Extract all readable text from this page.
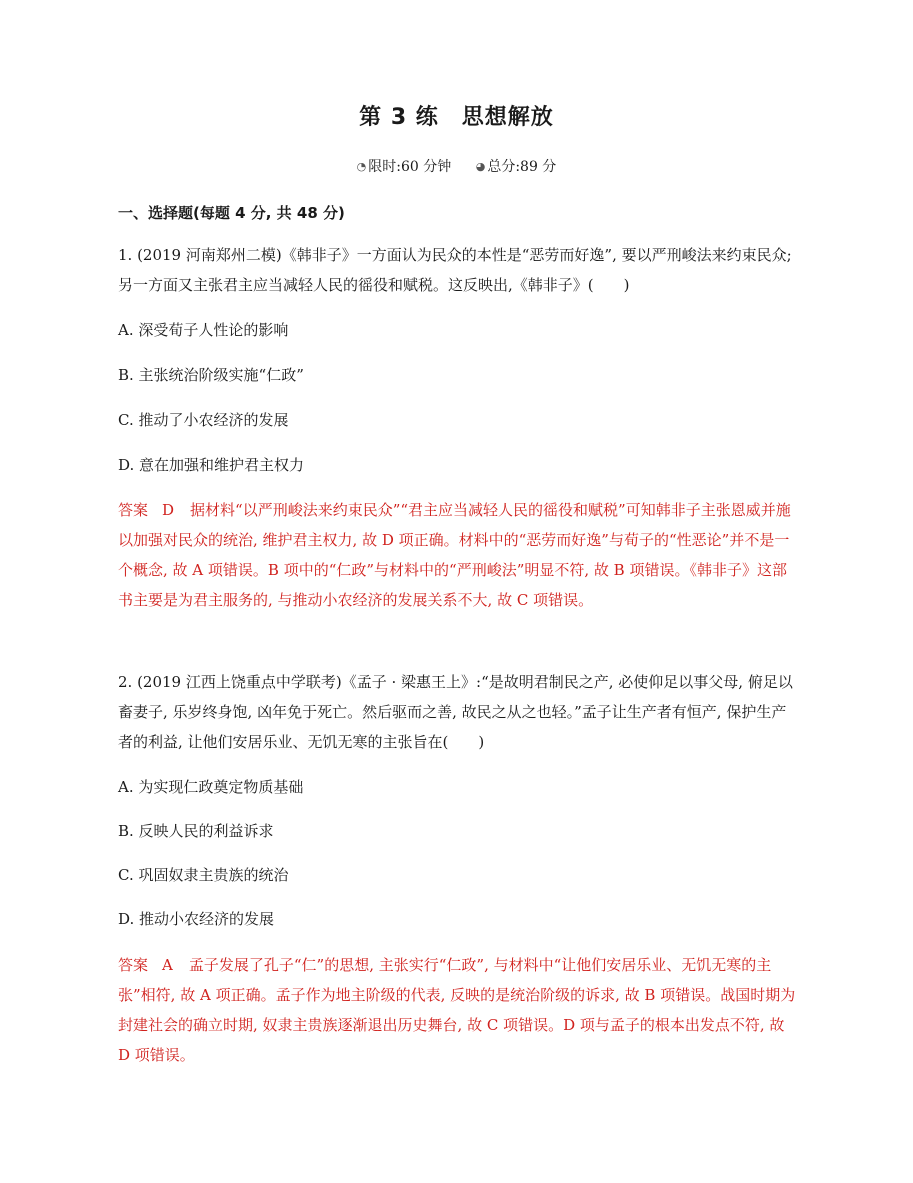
第 3 练　思想解放
◔ 限时:60 分钟 ◕ 总分:89 分
一、选择题(每题 4 分, 共 48 分)
1. (2019 河南郑州二模)《韩非子》一方面认为民众的本性是“恶劳而好逸”, 要以严刑峻法来约束民众; 另一方面又主张君主应当减轻人民的徭役和赋税。这反映出,《韩非子》(　　)
A. 深受荀子人性论的影响
B. 主张统治阶级实施“仁政”
C. 推动了小农经济的发展
D. 意在加强和维护君主权力
答案 D 据材料“以严刑峻法来约束民众”“君主应当减轻人民的徭役和赋税”可知韩非子主张恩威并施以加强对民众的统治, 维护君主权力, 故 D 项正确。材料中的“恶劳而好逸”与荀子的“性恶论”并不是一个概念, 故 A 项错误。B 项中的“仁政”与材料中的“严刑峻法”明显不符, 故 B 项错误。《韩非子》这部书主要是为君主服务的, 与推动小农经济的发展关系不大, 故 C 项错误。
2. (2019 江西上饶重点中学联考)《孟子 · 梁惠王上》:“是故明君制民之产, 必使仰足以事父母, 俯足以畜妻子, 乐岁终身饱, 凶年免于死亡。然后驱而之善, 故民之从之也轻。”孟子让生产者有恒产, 保护生产者的利益, 让他们安居乐业、无饥无寒的主张旨在(　　)
A. 为实现仁政奠定物质基础
B. 反映人民的利益诉求
C. 巩固奴隶主贵族的统治
D. 推动小农经济的发展
答案 A 孟子发展了孔子“仁”的思想, 主张实行“仁政”, 与材料中“让他们安居乐业、无饥无寒的主张”相符, 故 A 项正确。孟子作为地主阶级的代表, 反映的是统治阶级的诉求, 故 B 项错误。战国时期为封建社会的确立时期, 奴隶主贵族逐渐退出历史舞台, 故 C 项错误。D 项与孟子的根本出发点不符, 故 D 项错误。
